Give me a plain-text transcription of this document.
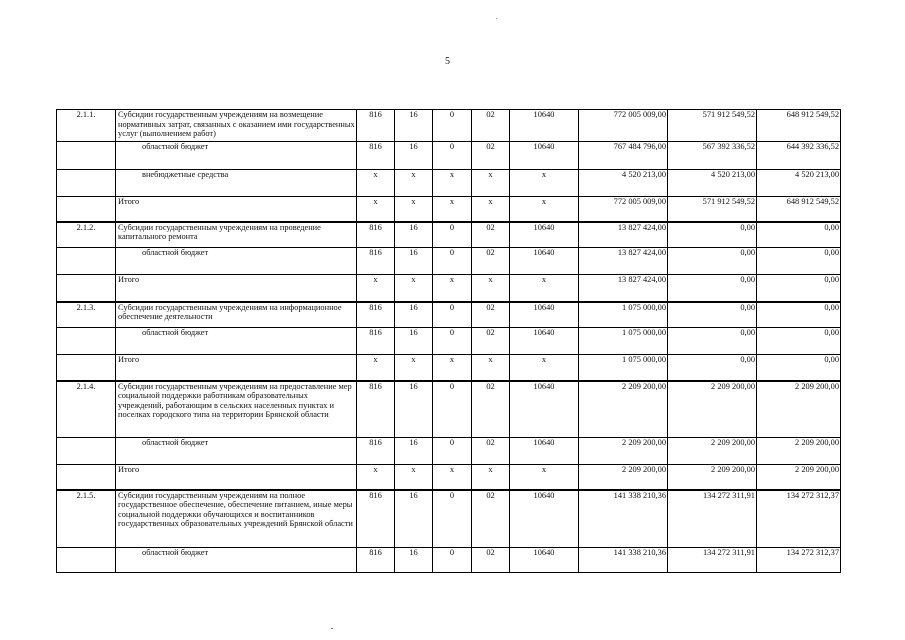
5
2.1.1.	Субсидии государственным учреждениям на возмещение нормативных затрат, связанных с оказанием ими государственных услуг (выполнением работ)	816	16	0	02	10640	772 005 009,00	571 912 549,52	648 912 549,52
	областной бюджет	816	16	0	02	10640	767 484 796,00	567 392 336,52	644 392 336,52
	внебюджетные средства	x	x	x	x	x	4 520 213,00	4 520 213,00	4 520 213,00
	Итого	x	x	x	x	x	772 005 009,00	571 912 549,52	648 912 549,52
2.1.2.	Субсидии государственным учреждениям на проведение капитального ремонта	816	16	0	02	10640	13 827 424,00	0,00	0,00
	областной бюджет	816	16	0	02	10640	13 827 424,00	0,00	0,00
	Итого	x	x	x	x	x	13 827 424,00	0,00	0,00
2.1.3.	Субсидии государственным учреждениям на информационное обеспечение деятельности	816	16	0	02	10640	1 075 000,00	0,00	0,00
	областной бюджет	816	16	0	02	10640	1 075 000,00	0,00	0,00
	Итого	x	x	x	x	x	1 075 000,00	0,00	0,00
2.1.4.	Субсидии государственным учреждениям на предоставление мер социальной поддержки работникам образовательных учреждений, работающим в сельских населенных пунктах и поселках городского типа на территории Брянской области	816	16	0	02	10640	2 209 200,00	2 209 200,00	2 209 200,00
	областной бюджет	816	16	0	02	10640	2 209 200,00	2 209 200,00	2 209 200,00
	Итого	x	x	x	x	x	2 209 200,00	2 209 200,00	2 209 200,00
2.1.5.	Субсидии государственным учреждениям на полное государственное обеспечение, обеспечение питанием, иные меры социальной поддержки обучающихся и воспитанников государственных образовательных учреждений Брянской области	816	16	0	02	10640	141 338 210,36	134 272 311,91	134 272 312,37
	областной бюджет	816	16	0	02	10640	141 338 210,36	134 272 311,91	134 272 312,37
